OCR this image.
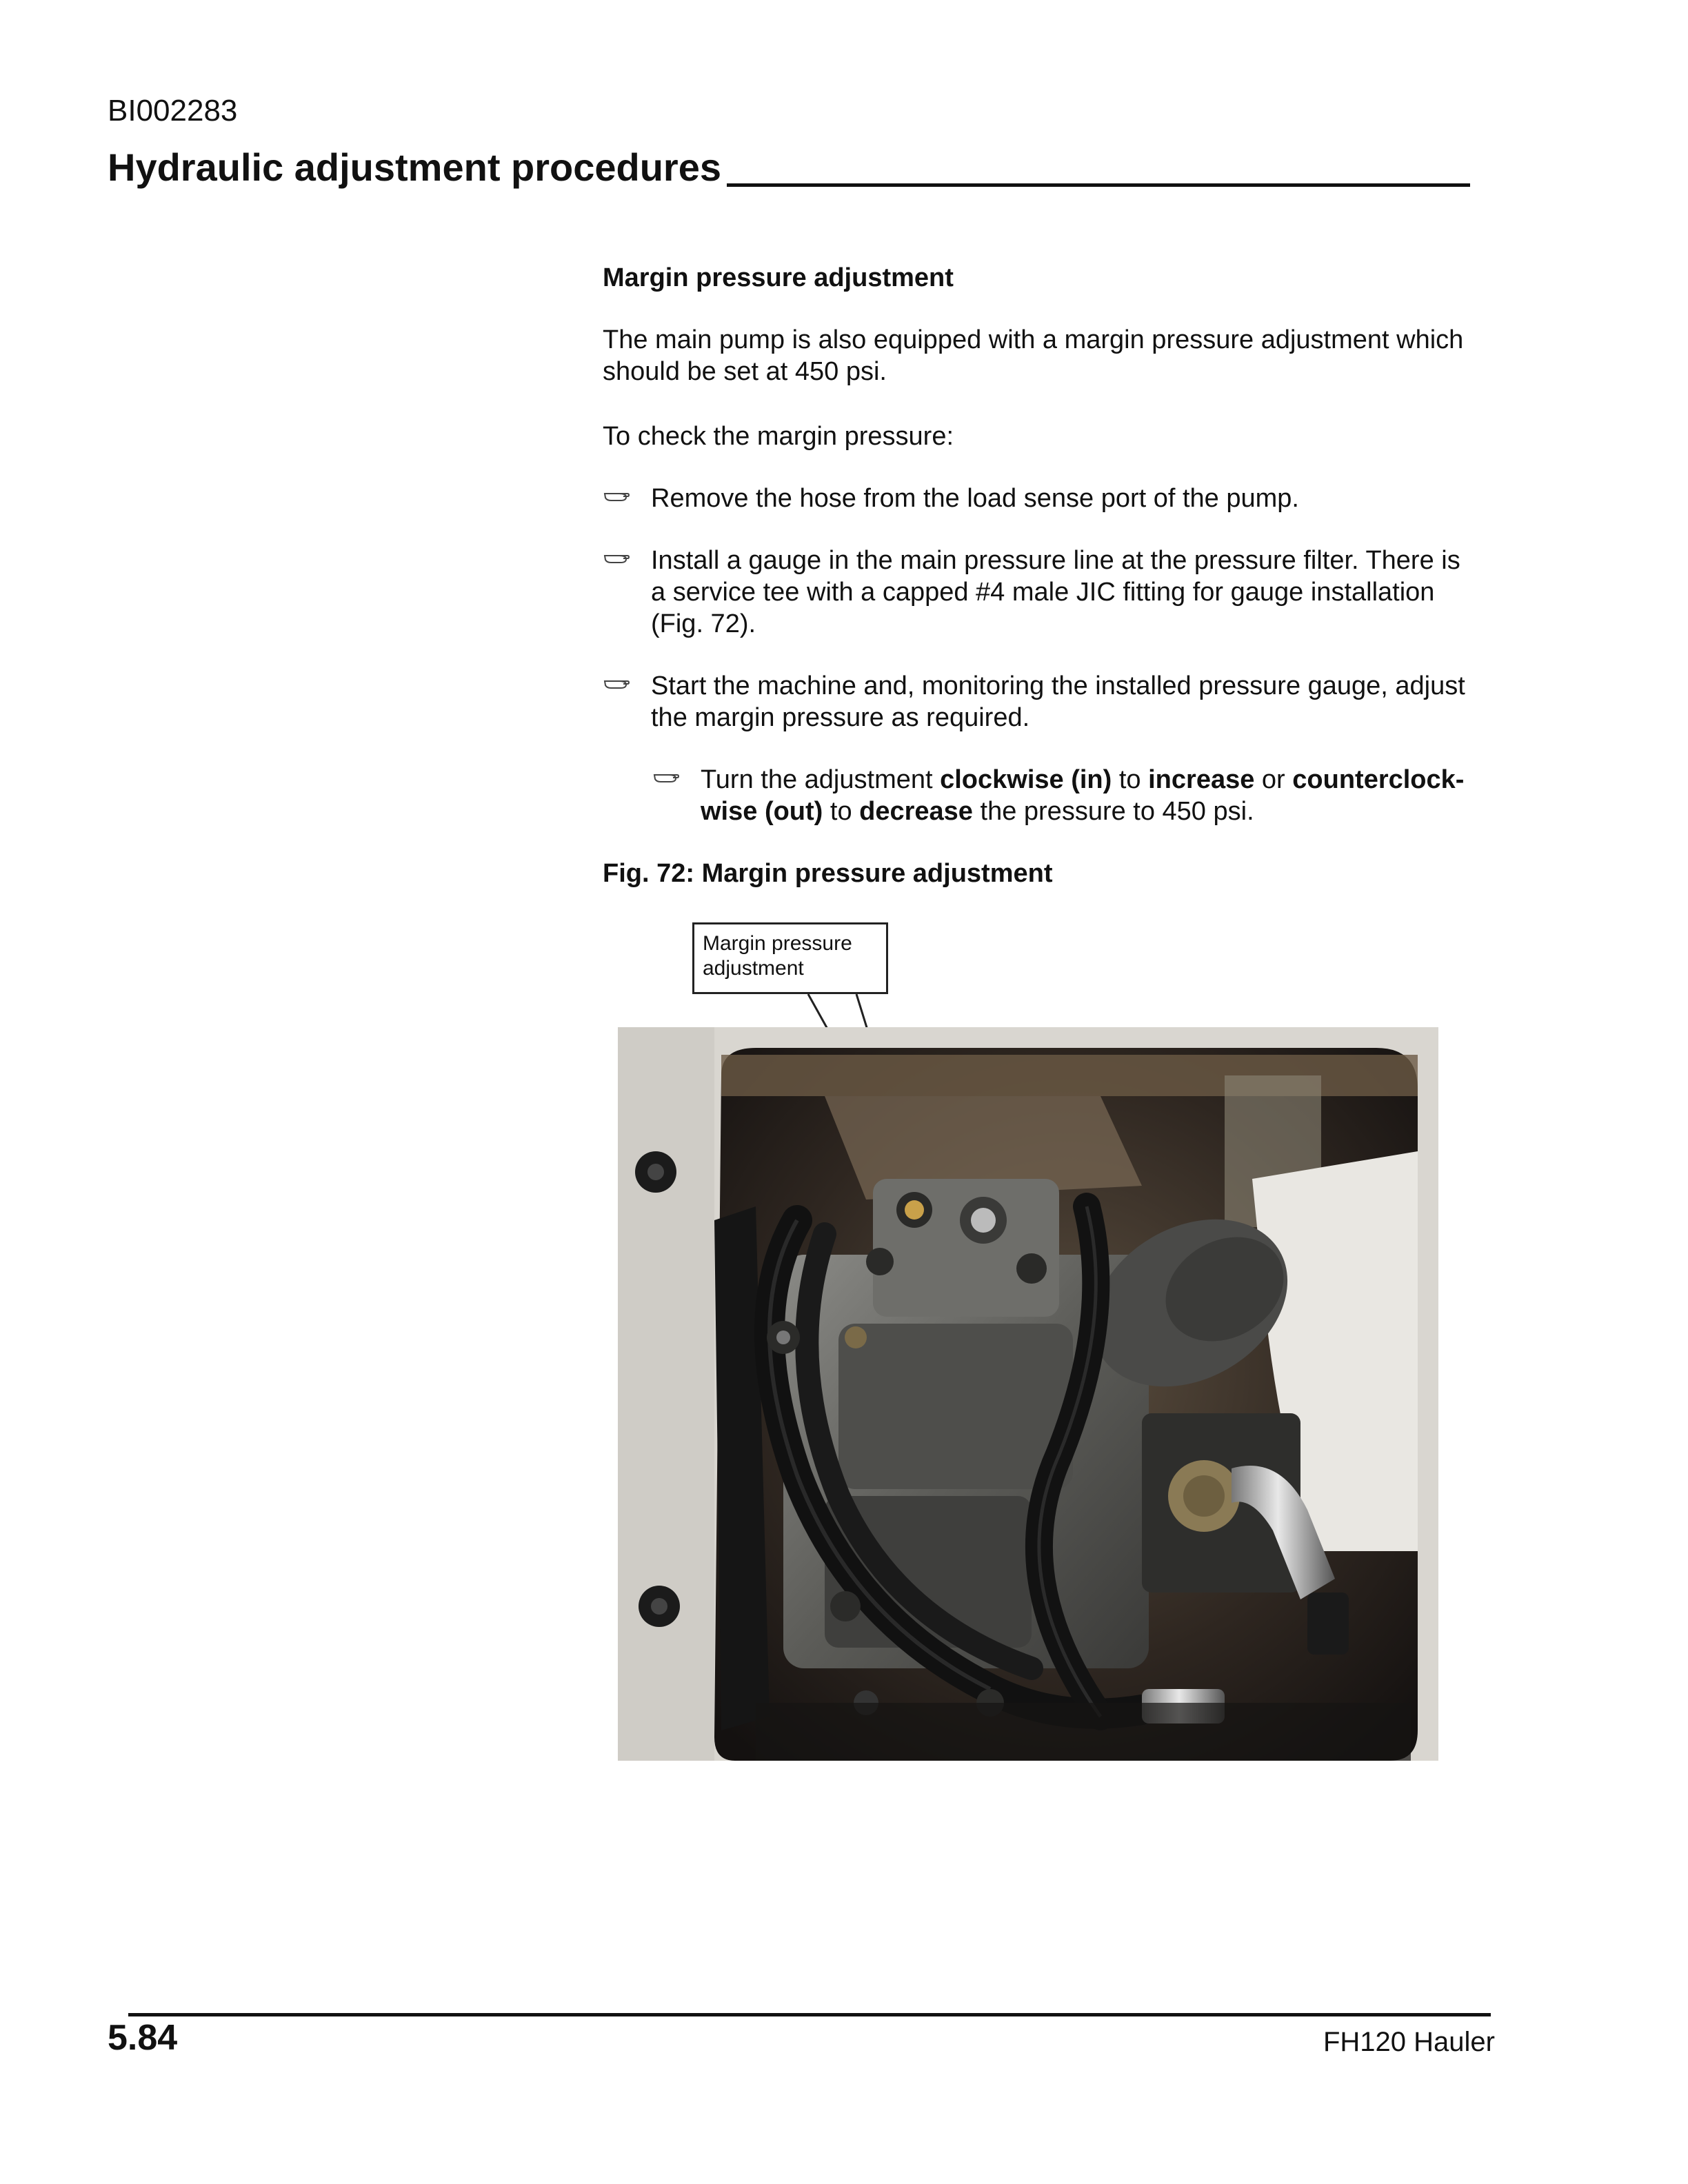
BI002283
Hydraulic adjustment procedures
Margin pressure adjustment
The main pump is also equipped with a margin pressure adjustment which should be set at 450 psi.
To check the margin pressure:
Remove the hose from the load sense port of the pump.
Install a gauge in the main pressure line at the pressure filter. There is a service tee with a capped #4 male JIC fitting for gauge installation (Fig. 72).
Start the machine and, monitoring the installed pressure gauge, adjust the margin pressure as required.
Turn the adjustment clockwise (in) to increase or counterclock-wise (out) to decrease the pressure to 450 psi.
Fig. 72: Margin pressure adjustment
Margin pressure adjustment
5.84	FH120 Hauler
